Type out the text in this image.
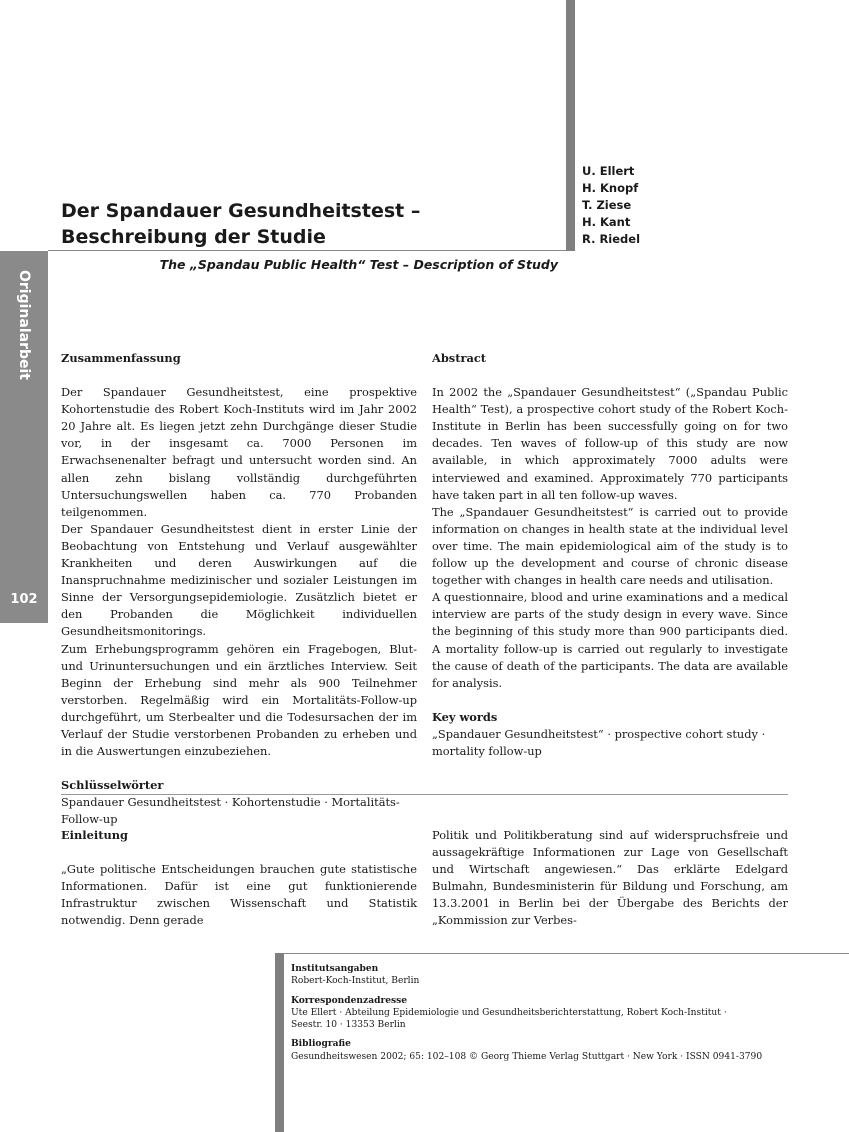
Originalarbeit
102
Der Spandauer Gesundheitstest –
Beschreibung der Studie
U. Ellert
H. Knopf
T. Ziese
H. Kant
R. Riedel
The „Spandau Public Health“ Test – Description of Study
Zusammenfassung

Der Spandauer Gesundheitstest, eine prospektive Kohortenstudie des Robert Koch-Instituts wird im Jahr 2002 20 Jahre alt. Es liegen jetzt zehn Durchgänge dieser Studie vor, in der insgesamt ca. 7000 Personen im Erwachsenenalter befragt und untersucht worden sind. An allen zehn bislang vollständig durchgeführten Untersuchungswellen haben ca. 770 Probanden teilgenommen.

Der Spandauer Gesundheitstest dient in erster Linie der Beobachtung von Entstehung und Verlauf ausgewählter Krankheiten und deren Auswirkungen auf die Inanspruchnahme medizinischer und sozialer Leistungen im Sinne der Versorgungsepidemiologie. Zusätzlich bietet er den Probanden die Möglichkeit individuellen Gesundheitsmonitorings.

Zum Erhebungsprogramm gehören ein Fragebogen, Blut- und Urinuntersuchungen und ein ärztliches Interview. Seit Beginn der Erhebung sind mehr als 900 Teilnehmer verstorben. Regelmäßig wird ein Mortalitäts-Follow-up durchgeführt, um Sterbealter und die Todesursachen der im Verlauf der Studie verstorbenen Probanden zu erheben und in die Auswertungen einzubeziehen.

Schlüsselwörter

Spandauer Gesundheitstest · Kohortenstudie · Mortalitäts-Follow-up

Abstract

In 2002 the „Spandauer Gesundheitstest“ („Spandau Public Health“ Test), a prospective cohort study of the Robert Koch-Institute in Berlin has been successfully going on for two decades. Ten waves of follow-up of this study are now available, in which approximately 7000 adults were interviewed and examined. Approximately 770 participants have taken part in all ten follow-up waves.

The „Spandauer Gesundheitstest“ is carried out to provide information on changes in health state at the individual level over time. The main epidemiological aim of the study is to follow up the development and course of chronic disease together with changes in health care needs and utilisation.

A questionnaire, blood and urine examinations and a medical interview are parts of the study design in every wave. Since the beginning of this study more than 900 participants died. A mortality follow-up is carried out regularly to investigate the cause of death of the participants. The data are available for analysis.

Key words

„Spandauer Gesundheitstest“ · prospective cohort study · mortality follow-up

Einleitung

„Gute politische Entscheidungen brauchen gute statistische Informationen. Dafür ist eine gut funktionierende Infrastruktur zwischen Wissenschaft und Statistik notwendig. Denn gerade

Politik und Politikberatung sind auf widerspruchsfreie und aussagekräftige Informationen zur Lage von Gesellschaft und Wirtschaft angewiesen.“ Das erklärte Edelgard Bulmahn, Bundesministerin für Bildung und Forschung, am 13.3.2001 in Berlin bei der Übergabe des Berichts der „Kommission zur Verbes-

Institutsangaben
Robert-Koch-Institut, Berlin
Korrespondenzadresse
Ute Ellert · Abteilung Epidemiologie und Gesundheitsberichterstattung, Robert Koch-Institut ·
Seestr. 10 · 13353 Berlin
Bibliografie
Gesundheitswesen 2002; 65: 102–108 © Georg Thieme Verlag Stuttgart · New York · ISSN 0941-3790
